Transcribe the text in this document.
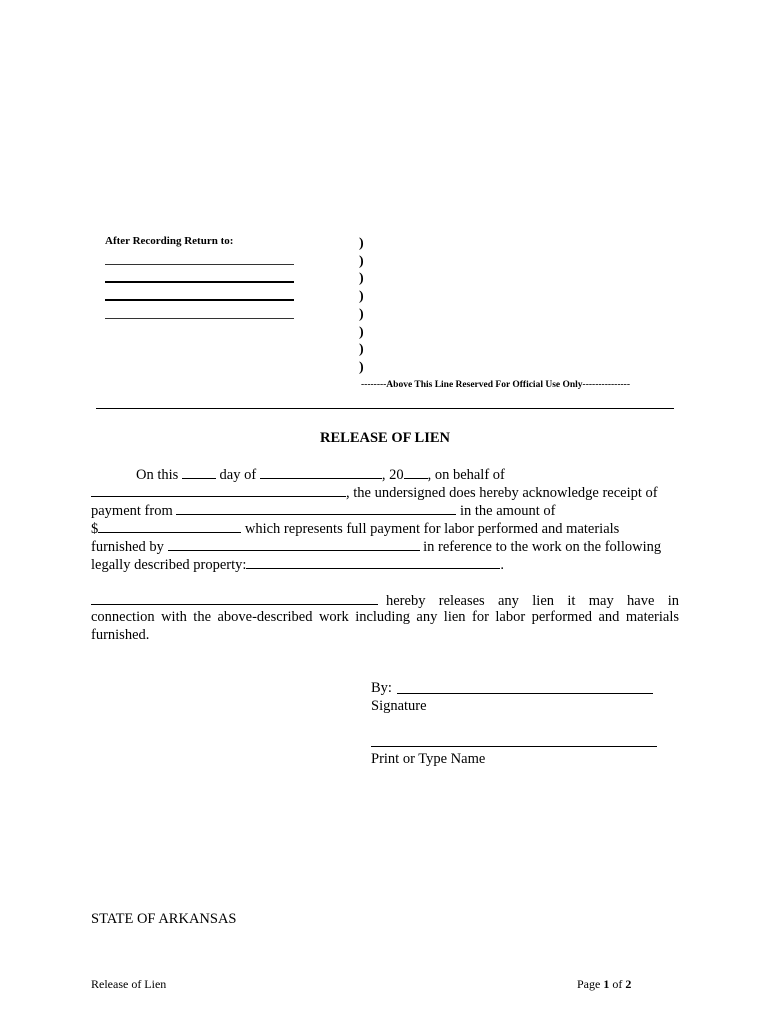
After Recording Return to:	)
)
)
)
)
)
)
)
--------Above This Line Reserved For Official Use Only---------------
RELEASE OF LIEN
On this	day of	, 20 , on behalf of
, the undersigned does hereby acknowledge receipt of
payment from	in the amount of
$	which represents full payment for labor performed and materials
furnished by	in reference to the work on the following
legally described property:	.
hereby releases any lien it may have in
connection with the above-described work including any lien for labor performed and materials
furnished.
By:
Signature
Print or Type Name
STATE OF ARKANSAS
Release of Lien	Page 1 of 2
